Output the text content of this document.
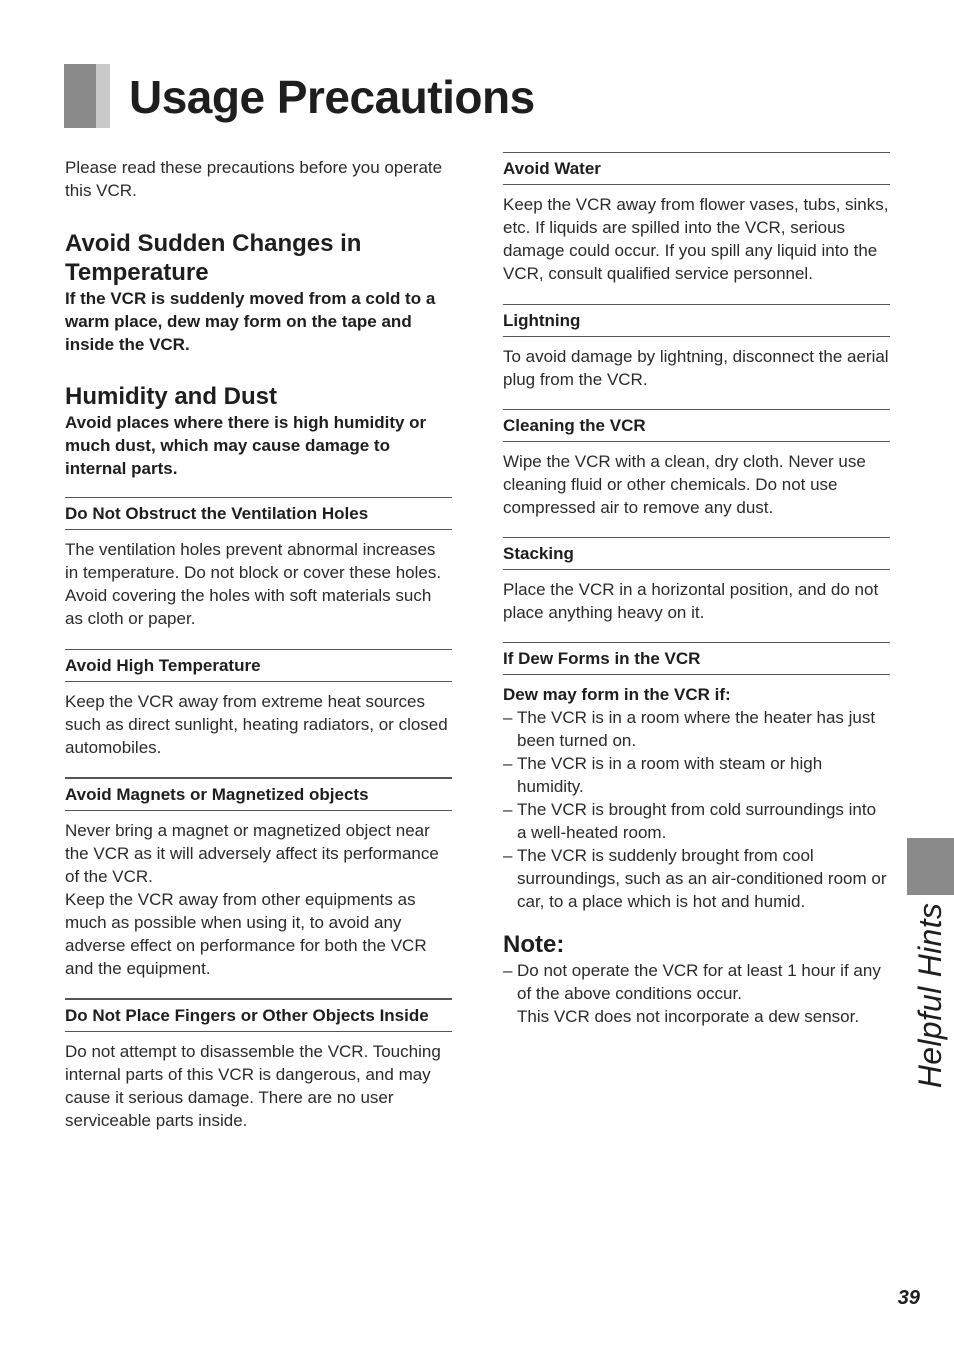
Usage Precautions

Please read these precautions before you operate this VCR.

Avoid Sudden Changes in Temperature

If the VCR is suddenly moved from a cold to a warm place, dew may form on the tape and inside the VCR.

Humidity and Dust

Avoid places where there is high humidity or much dust, which may cause damage to internal parts.

Do Not Obstruct the Ventilation Holes

The ventilation holes prevent abnormal increases in temperature. Do not block or cover these holes. Avoid covering the holes with soft materials such as cloth or paper.

Avoid High Temperature

Keep the VCR away from extreme heat sources such as direct sunlight, heating radiators, or closed automobiles.

Avoid Magnets or Magnetized objects

Never bring a magnet or magnetized object near the VCR as it will adversely affect its performance of the VCR.

Keep the VCR away from other equipments as much as possible when using it, to avoid any adverse effect on performance for both the VCR and the equipment.

Do Not Place Fingers or Other Objects Inside

Do not attempt to disassemble the VCR. Touching internal parts of this VCR is dangerous, and may cause it serious damage. There are no user serviceable parts inside.

Avoid Water

Keep the VCR away from flower vases, tubs, sinks, etc. If liquids are spilled into the VCR, serious damage could occur. If you spill any liquid into the VCR, consult qualified service personnel.

Lightning

To avoid damage by lightning, disconnect the aerial plug from the VCR.

Cleaning the VCR

Wipe the VCR with a clean, dry cloth. Never use cleaning fluid or other chemicals. Do not use compressed air to remove any dust.

Stacking

Place the VCR in a horizontal position, and do not place anything heavy on it.

If Dew Forms in the VCR

Dew may form in the VCR if:

– The VCR is in a room where the heater has just been turned on.
– The VCR is in a room with steam or high humidity.
– The VCR is brought from cold surroundings into a well-heated room.
– The VCR is suddenly brought from cool surroundings, such as an air-conditioned room or car, to a place which is hot and humid.
Note:
– Do not operate the VCR for at least 1 hour if any of the above conditions occur.
This VCR does not incorporate a dew sensor.	Helpful Hints
39
